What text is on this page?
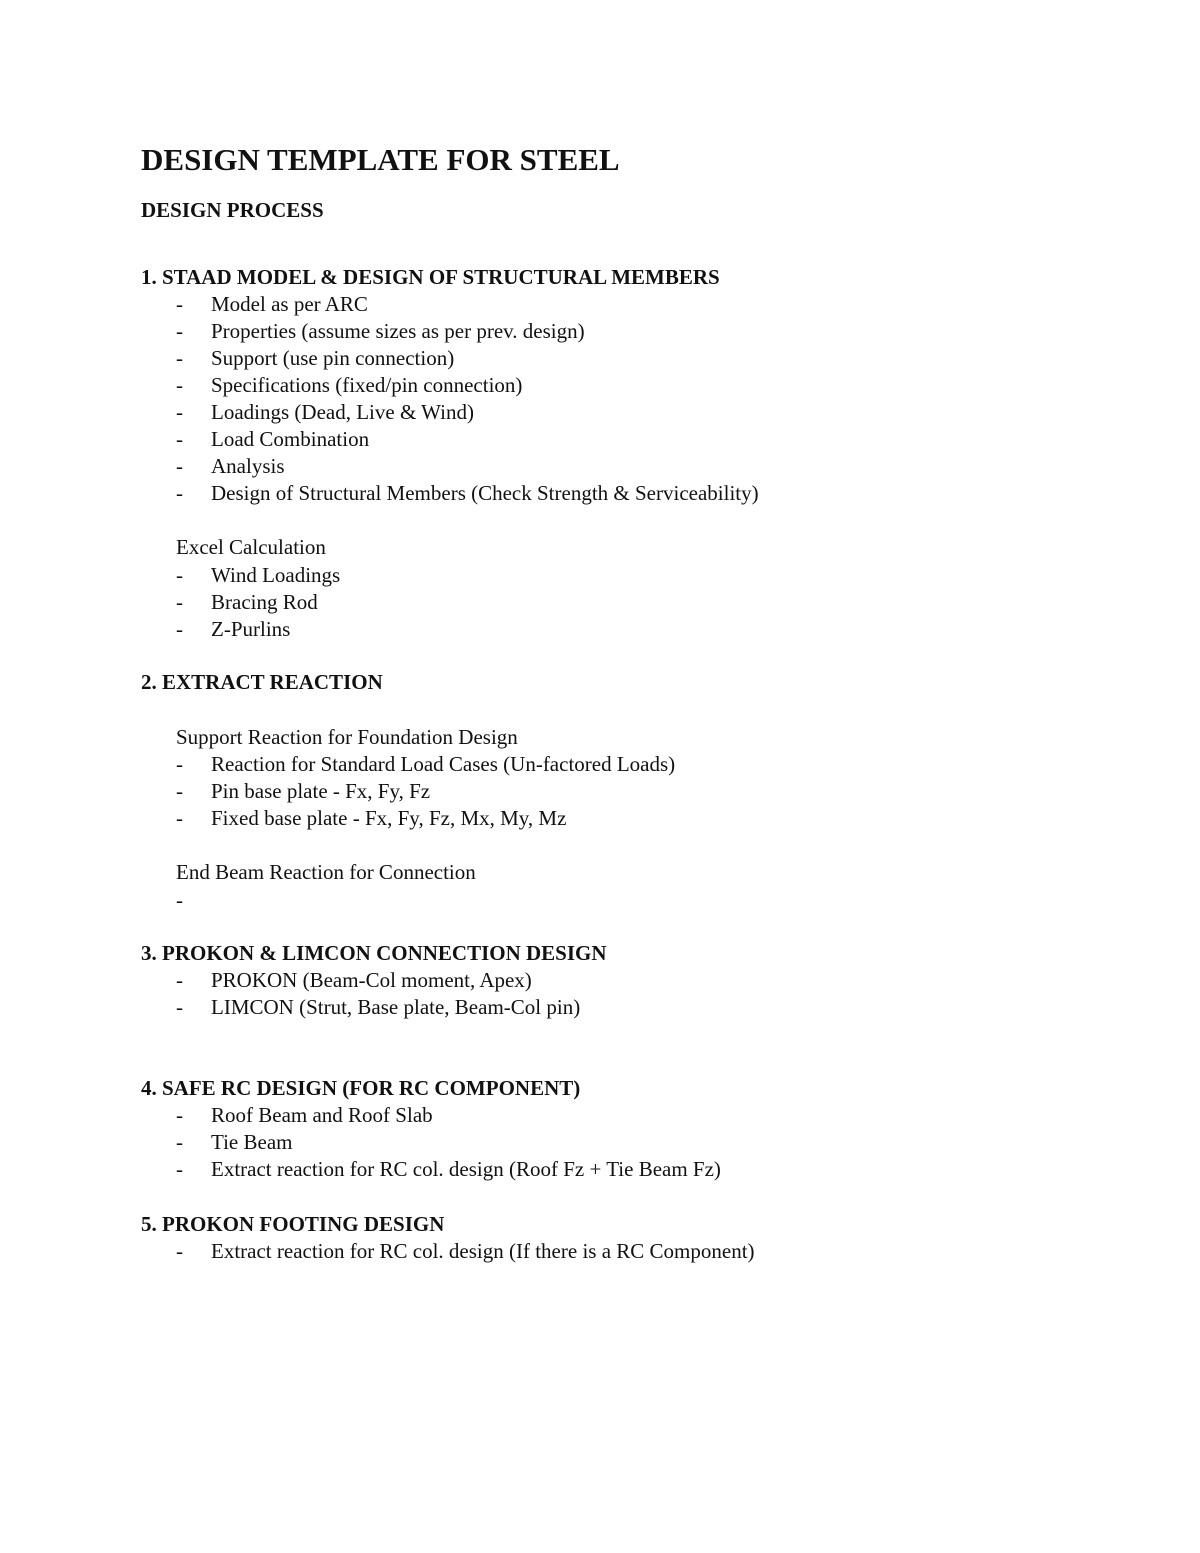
DESIGN TEMPLATE FOR STEEL
DESIGN PROCESS
1. STAAD MODEL & DESIGN OF STRUCTURAL MEMBERS
- Model as per ARC
- Properties (assume sizes as per prev. design)
- Support (use pin connection)
- Specifications (fixed/pin connection)
- Loadings (Dead, Live & Wind)
- Load Combination
- Analysis
- Design of Structural Members (Check Strength & Serviceability)
Excel Calculation
- Wind Loadings
- Bracing Rod
- Z-Purlins
2. EXTRACT REACTION
Support Reaction for Foundation Design
- Reaction for Standard Load Cases (Un-factored Loads)
- Pin base plate - Fx, Fy, Fz
- Fixed base plate - Fx, Fy, Fz, Mx, My, Mz
End Beam Reaction for Connection
-
3. PROKON & LIMCON CONNECTION DESIGN
- PROKON (Beam-Col moment, Apex)
- LIMCON (Strut, Base plate, Beam-Col pin)
4. SAFE RC DESIGN (FOR RC COMPONENT)
- Roof Beam and Roof Slab
- Tie Beam
- Extract reaction for RC col. design (Roof Fz + Tie Beam Fz)
5. PROKON FOOTING DESIGN
- Extract reaction for RC col. design (If there is a RC Component)
